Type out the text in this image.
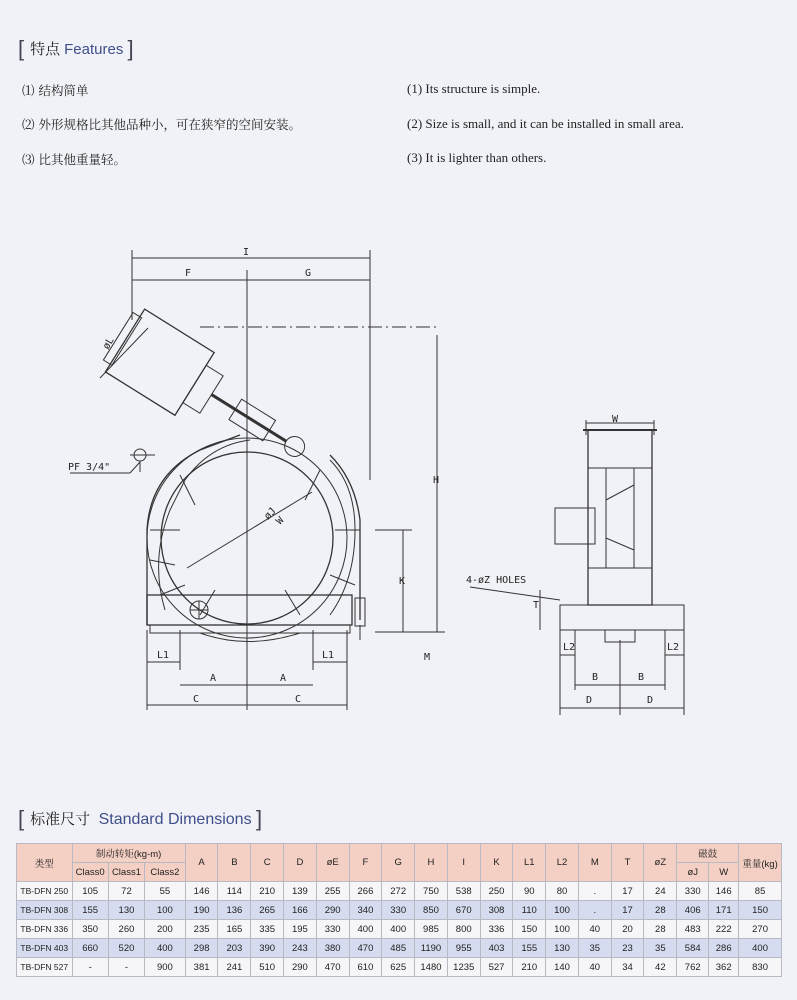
[ 特点 Features ]
⑴ 结构简单
⑵ 外形规格比其他品种小，可在狭窄的空间安装。
⑶ 比其他重量轻。
(1) Its structure is simple.
(2) Size is small, and it can be installed in small area.
(3) It is lighter than others.
I
F	G
H
K
M
L1	L1
A	A
C	C
øL
øJ
W
PF 3/4"
W
4-øZ HOLES
T
L2	L2
B	B
D	D
[ 标准尺寸 Standard Dimensions ]
类型	制动转矩(kg-m)			A	B	C	D	øE	F	G	H	I	K	L1	L2	M	T	øZ	磁鼓		重量(kg)
	Class0	Class1	Class2																øJ	W	
TB-DFN 250	105	72	55	146	114	210	139	255	266	272	750	538	250	90	80	.	17	24	330	146	85
TB-DFN 308	155	130	100	190	136	265	166	290	340	330	850	670	308	110	100	.	17	28	406	171	150
TB-DFN 336	350	260	200	235	165	335	195	330	400	400	985	800	336	150	100	40	20	28	483	222	270
TB-DFN 403	660	520	400	298	203	390	243	380	470	485	1190	955	403	155	130	35	23	35	584	286	400
TB-DFN 527	-	-	900	381	241	510	290	470	610	625	1480	1235	527	210	140	40	34	42	762	362	830
